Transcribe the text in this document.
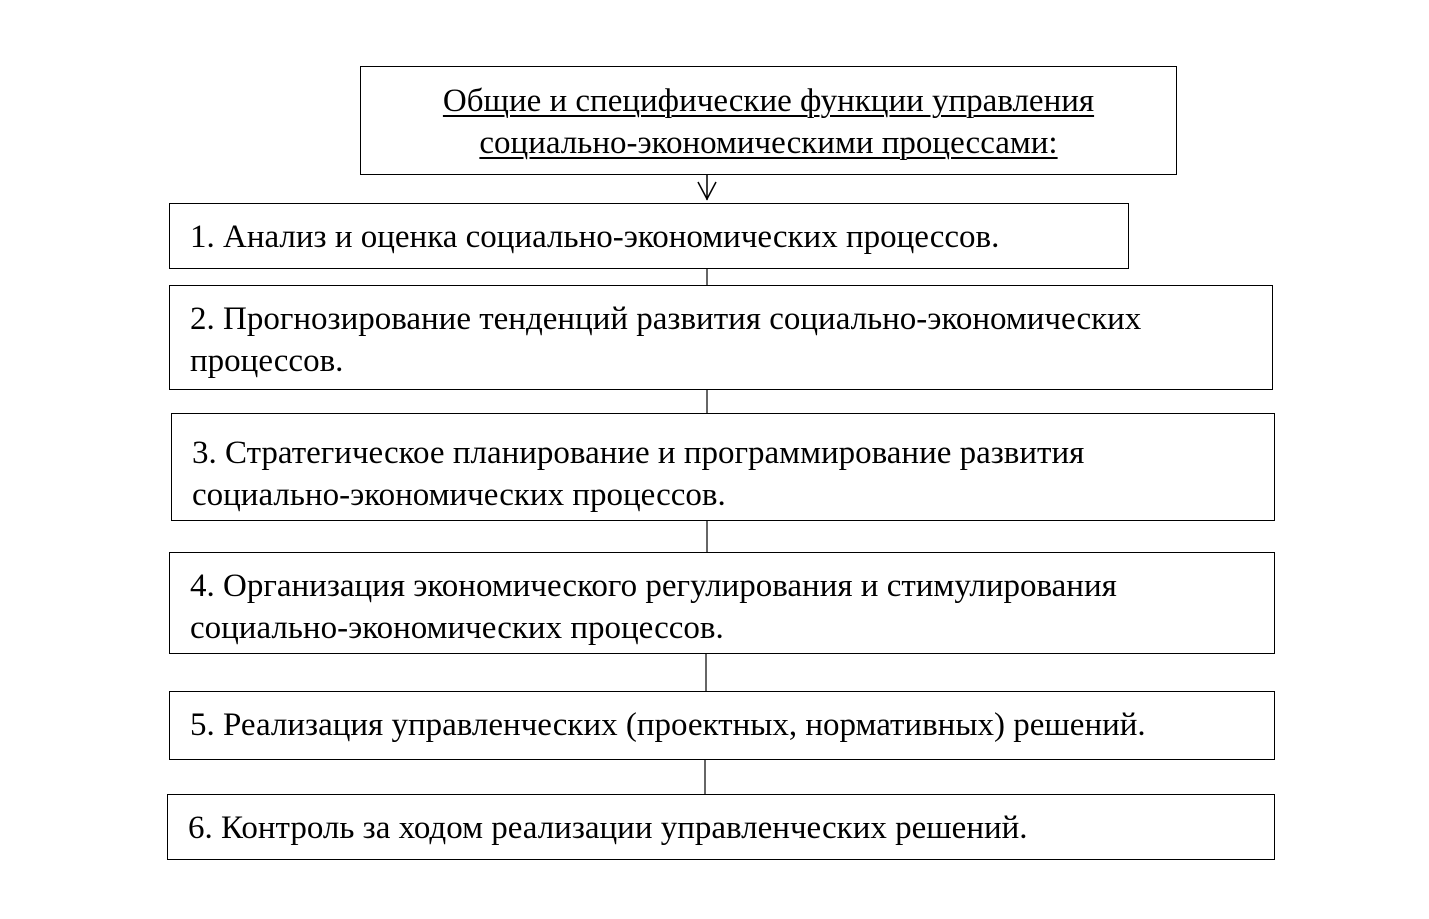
Общие и специфические функции управления
социально-экономическими процессами:
1. Анализ и оценка социально-экономических процессов.
2. Прогнозирование тенденций развития социально-экономических
процессов.
3. Стратегическое планирование и программирование развития
социально-экономических процессов.
4. Организация экономического регулирования и стимулирования
социально-экономических процессов.
5. Реализация управленческих (проектных, нормативных) решений.
6. Контроль за ходом реализации управленческих решений.
